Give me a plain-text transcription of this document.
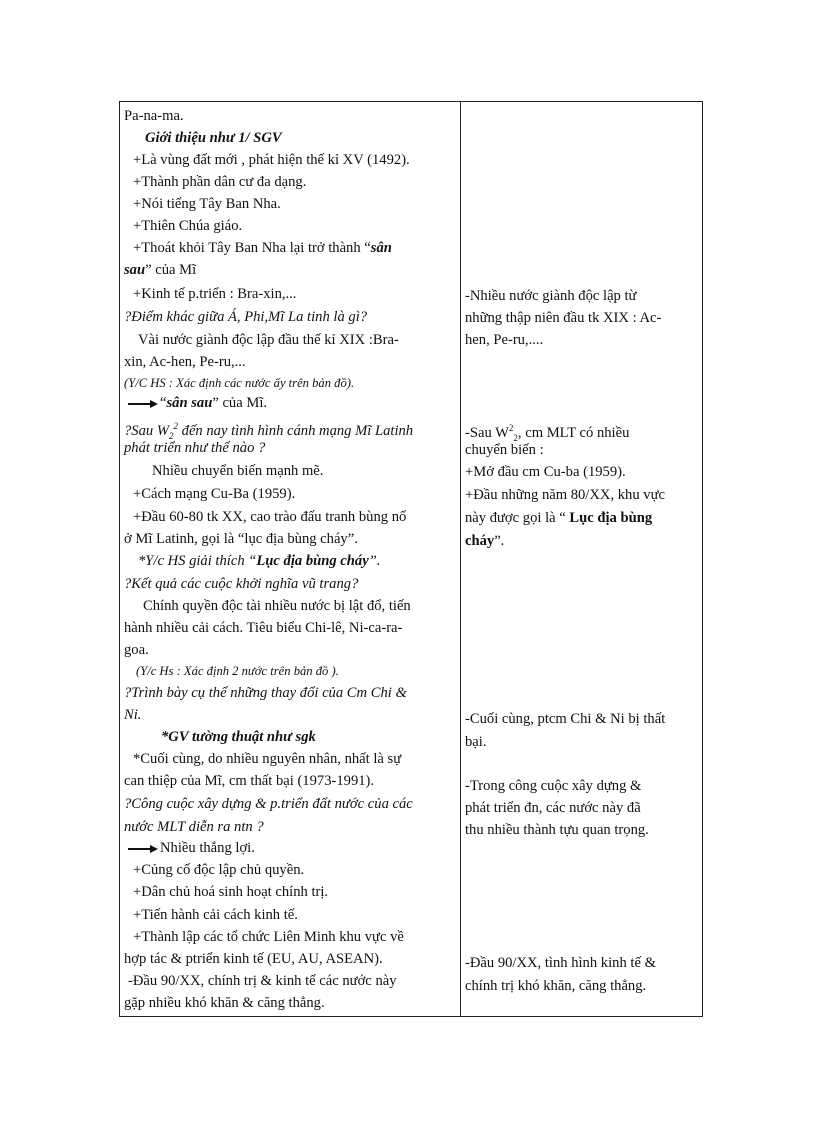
Pa-na-ma.
Giới thiệu như 1/ SGV
+Là vùng đất mới , phát hiện thế kỉ XV (1492).
+Thành phần dân cư đa dạng.
+Nói tiếng Tây Ban Nha.
+Thiên Chúa giáo.
+Thoát khỏi Tây Ban Nha lại trở thành “sân
sau” của Mĩ
+Kinh tế p.triển : Bra-xin,...
?Điểm khác giữa Á, Phi,Mĩ La tinh là gì?
Vài nước giành độc lập đầu thế kỉ XIX :Bra-
xin, Ac-hen, Pe-ru,...
(Y/C HS : Xác định các nước ấy trên bản đồ).
“sân sau” của Mĩ.
?Sau $W_2^2$ đến nay tình hình cánh mạng Mĩ Latinh
phát triển như thế nào ?
Nhiều chuyển biến mạnh mẽ.
+Cách mạng Cu-Ba (1959).
+Đầu 60-80 tk XX, cao trào đấu tranh bùng nổ
ở Mĩ Latinh, gọi là “lục địa bùng cháy”.
*Y/c HS giải thích “Lục địa bùng cháy”.
?Kết quả các cuộc khởi nghĩa vũ trang?
Chính quyền độc tài nhiều nước bị lật đổ, tiến
hành nhiều cải cách. Tiêu biểu Chi-lê, Ni-ca-ra-
goa.
(Y/c Hs : Xác định 2 nước trên bản đồ ).
?Trình bày cụ thể những thay đổi của Cm Chi &
Ni.
*GV tường thuật như sgk
*Cuối cùng, do nhiều nguyên nhân, nhất là sự
can thiệp của Mĩ, cm thất bại (1973-1991).
?Công cuộc xây dựng & p.triển đất nước của các
nước MLT diễn ra ntn ?
Nhiều thắng lợi.
+Củng cố độc lập chủ quyền.
+Dân chủ hoá sinh hoạt chính trị.
+Tiến hành cải cách kinh tế.
+Thành lập các tổ chức Liên Minh khu vực về
hợp tác & ptriển kinh tế (EU, AU, ASEAN).
-Đầu 90/XX, chính trị & kinh tế các nước này
gặp nhiều khó khăn & căng thẳng.
-Nhiều nước giành độc lập từ
những thập niên đầu tk XIX : Ac-
hen, Pe-ru,....
-Sau $W^2_2$, cm MLT có nhiều
chuyển biến :
+Mở đầu cm Cu-ba (1959).
+Đầu những năm 80/XX, khu vực
này được gọi là “ Lục địa bùng
cháy”.
-Cuối cùng, ptcm Chi & Ni bị thất
bại.
-Trong công cuộc xây dựng &
phát triển đn, các nước này đã
thu nhiều thành tựu quan trọng.
-Đầu 90/XX, tình hình kinh tế &
chính trị khó khăn, căng thẳng.
